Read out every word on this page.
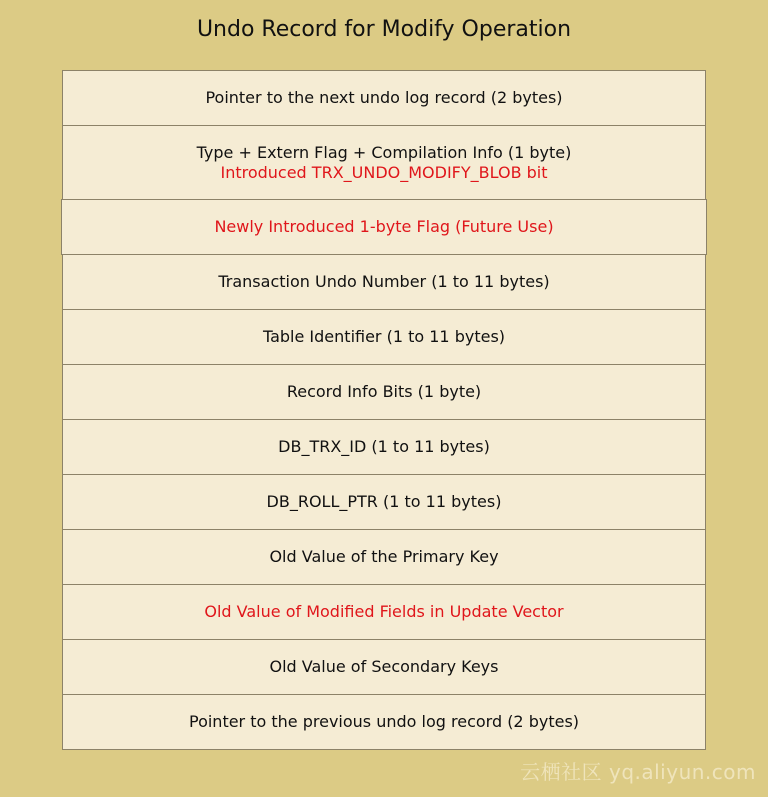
Undo Record for Modify Operation
Pointer to the next undo log record (2 bytes)
Type + Extern Flag + Compilation Info (1 byte)
Introduced TRX_UNDO_MODIFY_BLOB bit
Newly Introduced 1-byte Flag (Future Use)
Transaction Undo Number (1 to 11 bytes)
Table Identifier (1 to 11 bytes)
Record Info Bits (1 byte)
DB_TRX_ID (1 to 11 bytes)
DB_ROLL_PTR (1 to 11 bytes)
Old Value of the Primary Key
Old Value of Modified Fields in Update Vector
Old Value of Secondary Keys
Pointer to the previous undo log record (2 bytes)
云栖社区 yq.aliyun.com
